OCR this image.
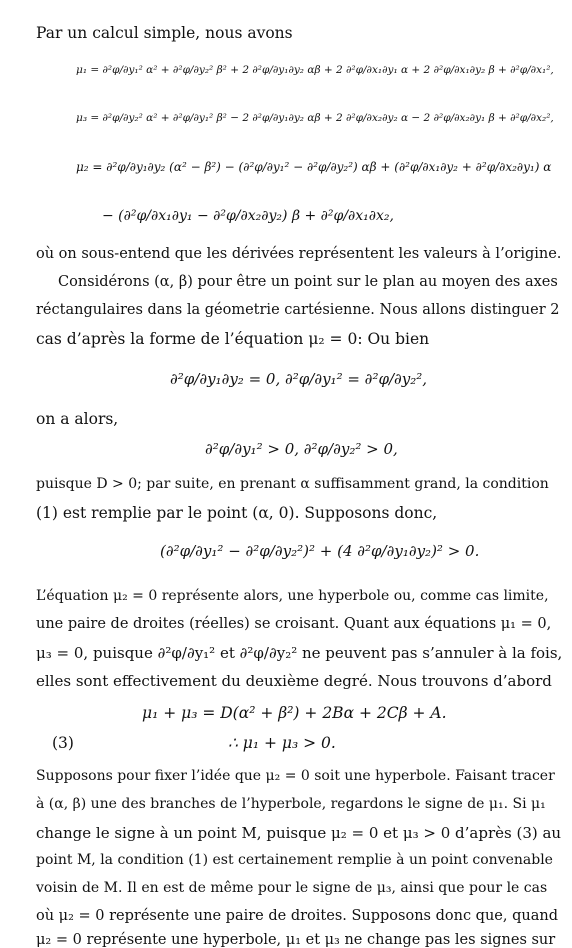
Par un calcul simple, nous avons
μ₁ = ∂²φ/∂y₁² α² + ∂²φ/∂y₂² β² + 2 ∂²φ/∂y₁∂y₂ αβ + 2 ∂²φ/∂x₁∂y₁ α + 2 ∂²φ/∂x₁∂y₂ β + ∂²φ/∂x₁²,
μ₃ = ∂²φ/∂y₂² α² + ∂²φ/∂y₁² β² − 2 ∂²φ/∂y₁∂y₂ αβ + 2 ∂²φ/∂x₂∂y₂ α − 2 ∂²φ/∂x₂∂y₁ β + ∂²φ/∂x₂²,
μ₂ = ∂²φ/∂y₁∂y₂ (α² − β²) − (∂²φ/∂y₁² − ∂²φ/∂y₂²) αβ + (∂²φ/∂x₁∂y₂ + ∂²φ/∂x₂∂y₁) α
− (∂²φ/∂x₁∂y₁ − ∂²φ/∂x₂∂y₂) β + ∂²φ/∂x₁∂x₂,
où on sous-entend que les dérivées représentent les valeurs à l’origine.
Considérons (α, β) pour être un point sur le plan au moyen des axes
réctangulaires dans la géometrie cartésienne. Nous allons distinguer 2
cas d’après la forme de l’équation μ₂ = 0: Ou bien
∂²φ/∂y₁∂y₂ = 0, ∂²φ/∂y₁² = ∂²φ/∂y₂²,
on a alors,
∂²φ/∂y₁² > 0, ∂²φ/∂y₂² > 0,
puisque D > 0; par suite, en prenant α suffisamment grand, la condition
(1) est remplie par le point (α, 0). Supposons donc,
(∂²φ/∂y₁² − ∂²φ/∂y₂²)² + (4 ∂²φ/∂y₁∂y₂)² > 0.
L’équation μ₂ = 0 représente alors, une hyperbole ou, comme cas limite,
une paire de droites (réelles) se croisant. Quant aux équations μ₁ = 0,
μ₃ = 0, puisque ∂²φ/∂y₁² et ∂²φ/∂y₂² ne peuvent pas s’annuler à la fois,
elles sont effectivement du deuxième degré. Nous trouvons d’abord
μ₁ + μ₃ = D(α² + β²) + 2Bα + 2Cβ + A.
(3)	∴ μ₁ + μ₃ > 0.
Supposons pour fixer l’idée que μ₂ = 0 soit une hyperbole. Faisant tracer
à (α, β) une des branches de l’hyperbole, regardons le signe de μ₁. Si μ₁
change le signe à un point M, puisque μ₂ = 0 et μ₃ > 0 d’après (3) au
point M, la condition (1) est certainement remplie à un point convenable
voisin de M. Il en est de même pour le signe de μ₃, ainsi que pour le cas
où μ₂ = 0 représente une paire de droites. Supposons donc que, quand
μ₂ = 0 représente une hyperbole, μ₁ et μ₃ ne change pas les signes sur
